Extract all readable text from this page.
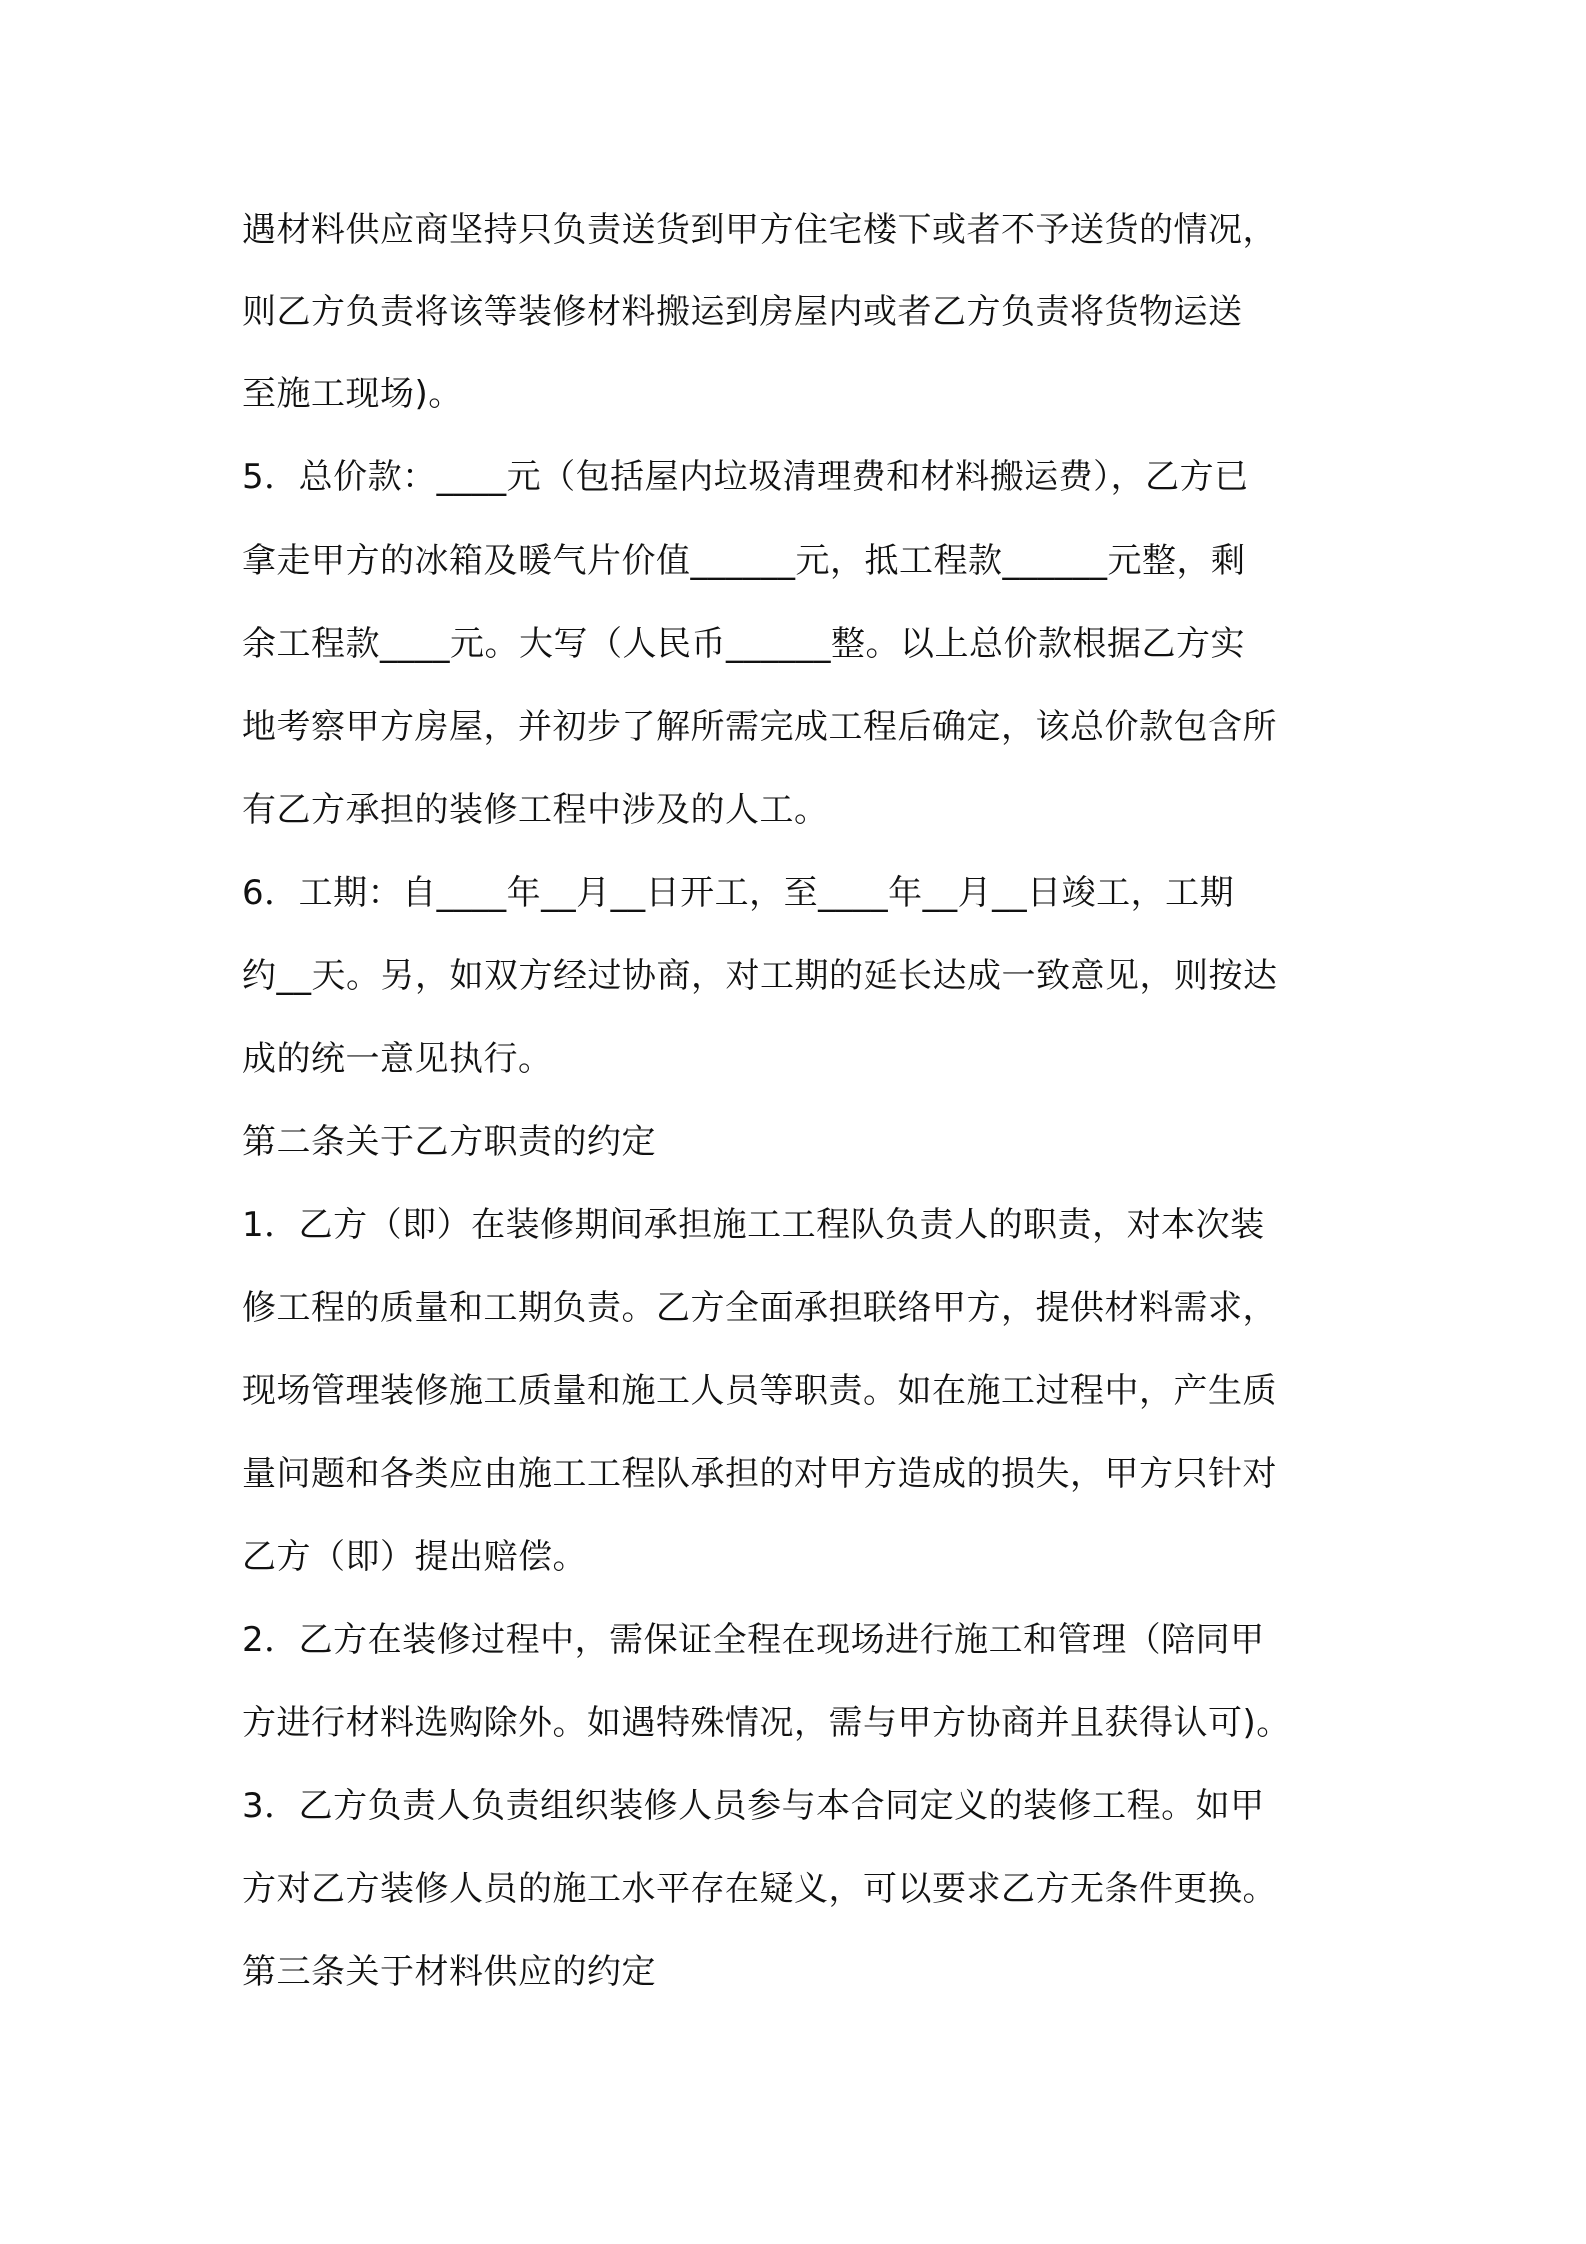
遇材料供应商坚持只负责送货到甲方住宅楼下或者不予送货的情况，
则乙方负责将该等装修材料搬运到房屋内或者乙方负责将货物运送
至施工现场)。
5．总价款：____元（包括屋内垃圾清理费和材料搬运费），乙方已
拿走甲方的冰箱及暖气片价值______元，抵工程款______元整，剩
余工程款____元。大写（人民币______整。以上总价款根据乙方实
地考察甲方房屋，并初步了解所需完成工程后确定，该总价款包含所
有乙方承担的装修工程中涉及的人工。
6．工期：自____年__月__日开工，至____年__月__日竣工，工期
约__天。另，如双方经过协商，对工期的延长达成一致意见，则按达
成的统一意见执行。
第二条关于乙方职责的约定
1．乙方（即）在装修期间承担施工工程队负责人的职责，对本次装
修工程的质量和工期负责。乙方全面承担联络甲方，提供材料需求，
现场管理装修施工质量和施工人员等职责。如在施工过程中，产生质
量问题和各类应由施工工程队承担的对甲方造成的损失，甲方只针对
乙方（即）提出赔偿。
2．乙方在装修过程中，需保证全程在现场进行施工和管理（陪同甲
方进行材料选购除外。如遇特殊情况，需与甲方协商并且获得认可)。
3．乙方负责人负责组织装修人员参与本合同定义的装修工程。如甲
方对乙方装修人员的施工水平存在疑义，可以要求乙方无条件更换。
第三条关于材料供应的约定
